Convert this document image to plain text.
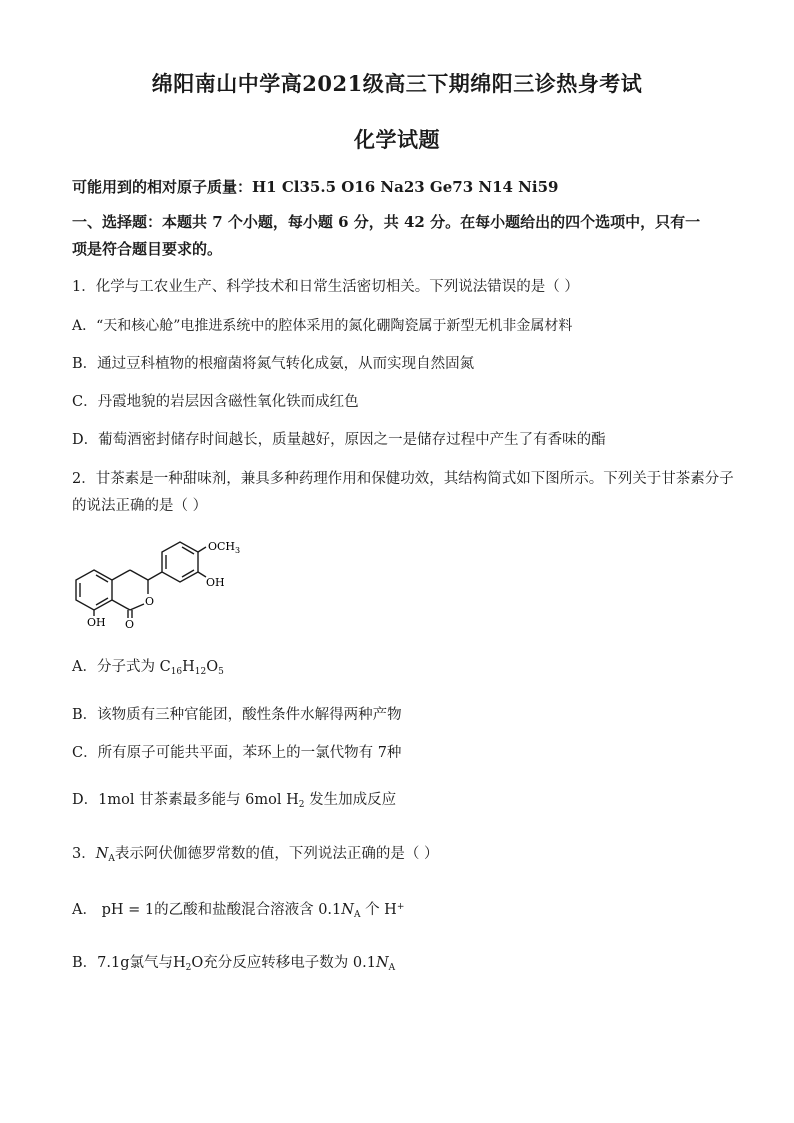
绵阳南山中学高2021级高三下期绵阳三诊热身考试
化学试题
可能用到的相对原子质量：H1 Cl35.5 O16 Na23 Ge73 N14 Ni59
一、选择题：本题共 7 个小题，每小题 6 分，共 42 分。在每小题给出的四个选项中，只有一
项是符合题目要求的。
1．化学与工农业生产、科学技术和日常生活密切相关。下列说法错误的是（ ）
A．“天和核心舱”电推进系统中的腔体采用的氮化硼陶瓷属于新型无机非金属材料
B．通过豆科植物的根瘤菌将氮气转化成氨，从而实现自然固氮
C．丹霞地貌的岩层因含磁性氧化铁而成红色
D．葡萄酒密封储存时间越长，质量越好，原因之一是储存过程中产生了有香味的酯
2．甘茶素是一种甜味剂，兼具多种药理作用和保健功效，其结构简式如下图所示。下列关于甘茶素分子
的说法正确的是（ ）
$OCH_3$
OH
OH
O
O
A．分子式为 $C_{16}H_{12}O_5$
B．该物质有三种官能团，酸性条件水解得两种产物
C．所有原子可能共平面，苯环上的一氯代物有 7种
D．1mol 甘茶素最多能与 6mol $H_2$ 发生加成反应
3．$N_A$表示阿伏伽德罗常数的值，下列说法正确的是（ ）
A． pH = 1的乙酸和盐酸混合溶液含 $0.1N_A$ 个 H+
B．7.1g氯气与$H_2O$充分反应转移电子数为 $0.1N_A$
